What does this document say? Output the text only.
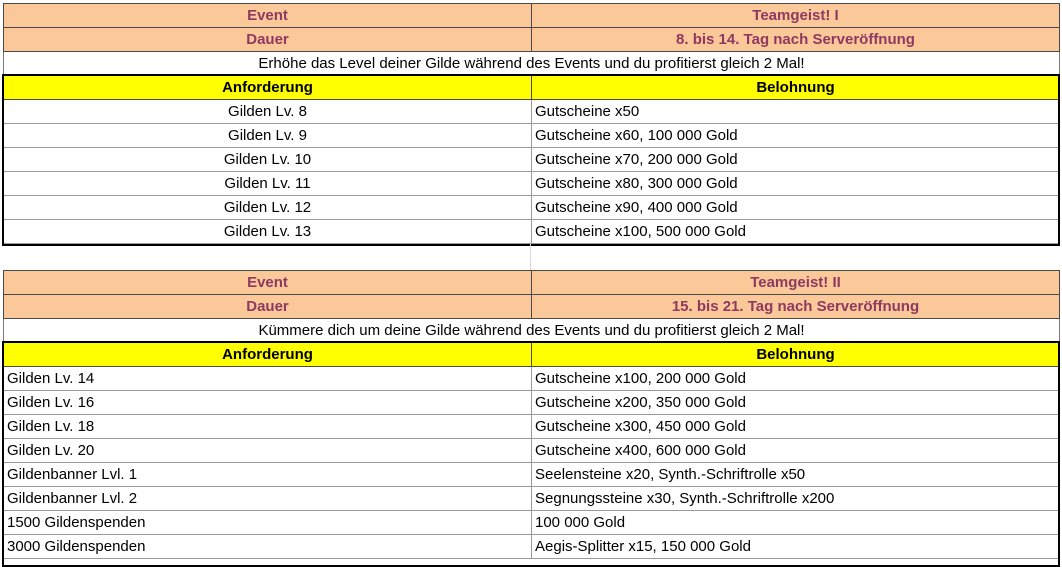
Event	Teamgeist! I
Dauer	8. bis 14. Tag nach Serveröffnung
Erhöhe das Level deiner Gilde während des Events und du profitierst gleich 2 Mal!	
Anforderung	Belohnung
Gilden Lv. 8	Gutscheine x50
Gilden Lv. 9	Gutscheine x60, 100 000 Gold
Gilden Lv. 10	Gutscheine x70, 200 000 Gold
Gilden Lv. 11	Gutscheine x80, 300 000 Gold
Gilden Lv. 12	Gutscheine x90, 400 000 Gold
Gilden Lv. 13	Gutscheine x100, 500 000 Gold
Event	Teamgeist! II
Dauer	15. bis 21. Tag nach Serveröffnung
Kümmere dich um deine Gilde während des Events und du profitierst gleich 2 Mal!	
Anforderung	Belohnung
Gilden Lv. 14	Gutscheine x100, 200 000 Gold
Gilden Lv. 16	Gutscheine x200, 350 000 Gold
Gilden Lv. 18	Gutscheine x300, 450 000 Gold
Gilden Lv. 20	Gutscheine x400, 600 000 Gold
Gildenbanner Lvl. 1	Seelensteine x20, Synth.-Schriftrolle x50
Gildenbanner Lvl. 2	Segnungssteine x30, Synth.-Schriftrolle x200
1500 Gildenspenden	100 000 Gold
3000 Gildenspenden	Aegis-Splitter x15, 150 000 Gold
